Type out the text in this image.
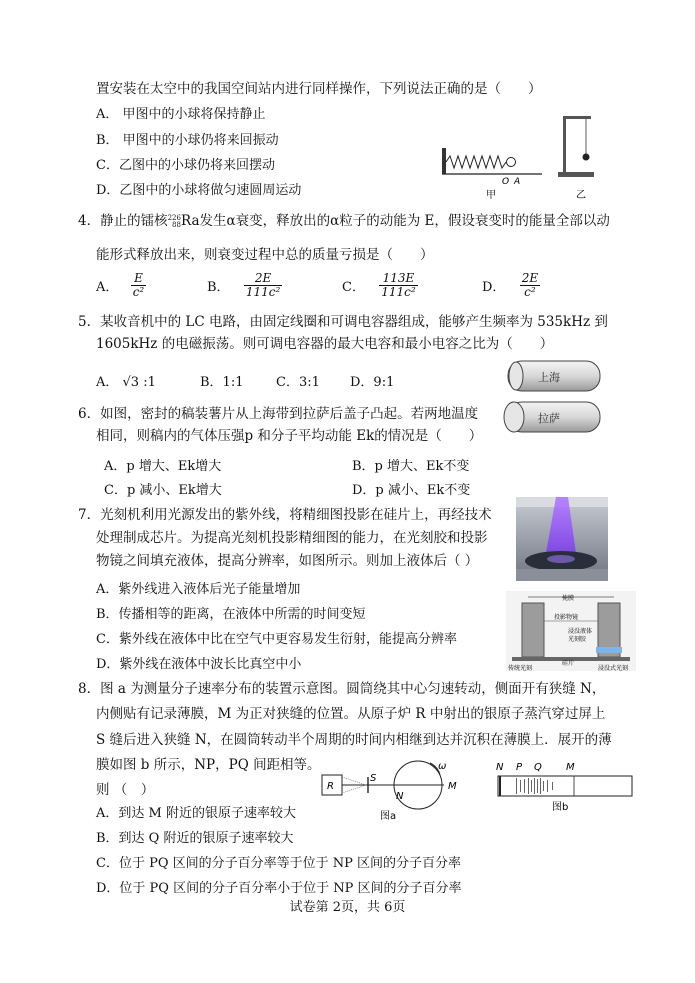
置安装在太空中的我国空间站内进行同样操作，下列说法正确的是（　　）
A． 甲图中的小球将保持静止
B． 甲图中的小球仍将来回振动
C．乙图中的小球仍将来回摆动
D．乙图中的小球将做匀速圆周运动
O A
甲	乙
4．静止的镭核 226
88 Ra发生α衰变，释放出的α粒子的动能为 E，假设衰变时的能量全部以动
能形式释放出来，则衰变过程中总的质量亏损是（　　）
A． $\frac{E}{\text{c²}}$	B． $\frac{2E}{\text{111c²}}$	C． $\frac{113E}{\text{111c²}}$	D． $\frac{2E}{\text{c²}}$
5．某收音机中的 LC 电路，由固定线圈和可调电容器组成，能够产生频率为 535kHz 到
1605kHz 的电磁振荡。则可调电容器的最大电容和最小电容之比为（　　）
A． √3 :1	B．1:1	C．3:1 D．9:1	上海
拉萨
6．如图，密封的稿装薯片从上海带到拉萨后盖子凸起。若两地温度
相同，则稿内的气体压强p 和分子平均动能 Ek的情况是（　　）
A．p 增大、Ek增大	B．p 增大、Ek不变
C．p 减小、Ek增大	D．p 减小、Ek不变
7．光刻机利用光源发出的紫外线，将精细图投影在硅片上，再经技术
处理制成芯片。为提高光刻机投影精细图的能力，在光刻胶和投影
物镜之间填充液体，提高分辨率，如图所示。则加上液体后（ ）
A．紫外线进入液体后光子能量增加
B．传播相等的距离，在液体中所需的时间变短
C．紫外线在液体中比在空气中更容易发生衍射，能提高分辨率
D．紫外线在液体中波长比真空中小
掩膜
投影物镜
浸没液体
光刻胶
硅片
传统光刻	浸没式光刻
8．图 a 为测量分子速率分布的装置示意图。圆筒绕其中心匀速转动，侧面开有狭缝 N，
内侧贴有记录薄膜，M 为正对狭缝的位置。从原子炉 R 中射出的银原子蒸汽穿过屏上
S 缝后进入狭缝 N，在圆筒转动半个周期的时间内相继到达并沉积在薄膜上．展开的薄
膜如图 b 所示，NP，PQ 间距相等。
则 （　）
A．到达 M 附近的银原子速率较大
B．到达 Q 附近的银原子速率较大
C．位于 PQ 区间的分子百分率等于位于 NP 区间的分子百分率
D．位于 PQ 区间的分子百分率小于位于 NP 区间的分子百分率
R
S
N
M
ω
图a
N P Q M
图b
试卷第 2页，共 6页
